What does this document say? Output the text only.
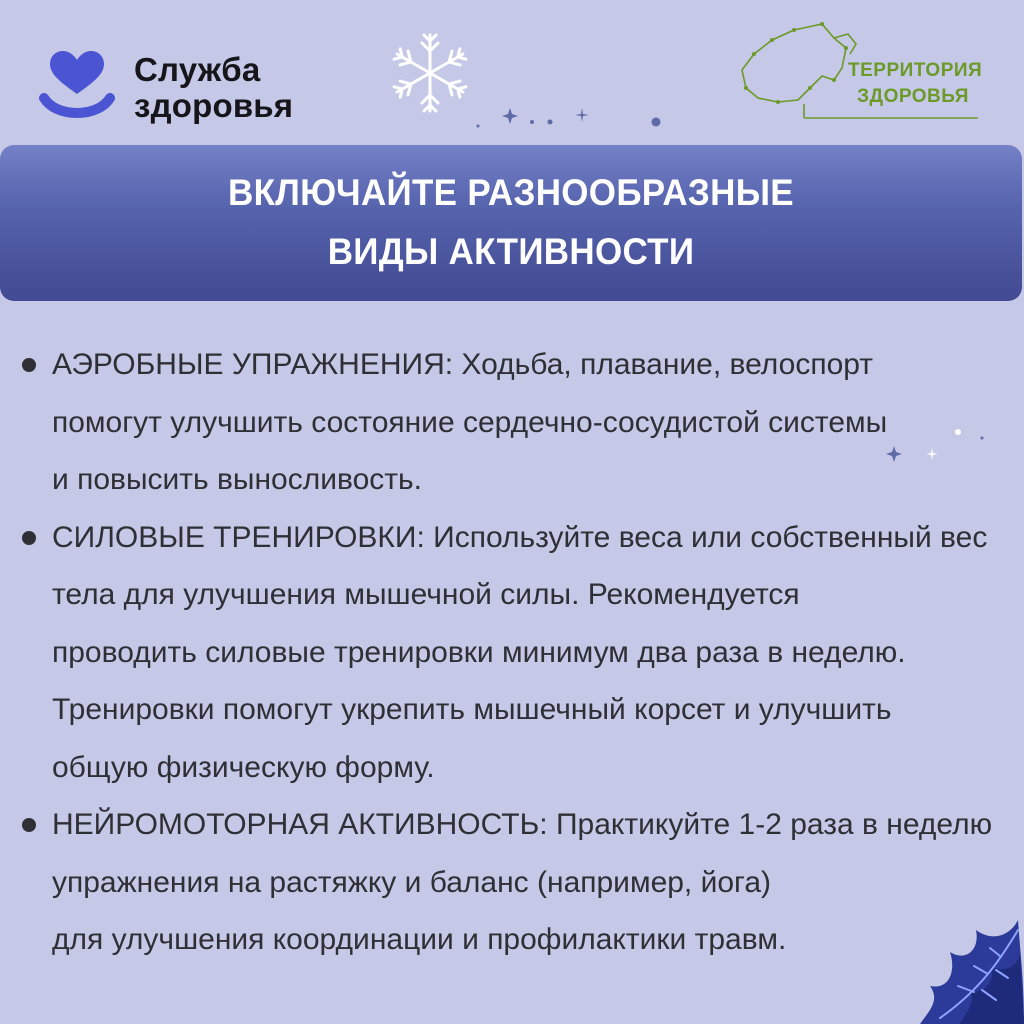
Служба
здоровья
ТЕРРИТОРИЯ
ЗДОРОВЬЯ
ВКЛЮЧАЙТЕ РАЗНООБРАЗНЫЕ ВИДЫ АКТИВНОСТИ
АЭРОБНЫЕ УПРАЖНЕНИЯ: Ходьба, плавание, велоспорт
помогут улучшить состояние сердечно-сосудистой системы
и повысить выносливость.
СИЛОВЫЕ ТРЕНИРОВКИ: Используйте веса или собственный вес
тела для улучшения мышечной силы. Рекомендуется
проводить силовые тренировки минимум два раза в неделю.
Тренировки помогут укрепить мышечный корсет и улучшить
общую физическую форму.
НЕЙРОМОТОРНАЯ АКТИВНОСТЬ: Практикуйте 1-2 раза в неделю
упражнения на растяжку и баланс (например, йога)
для улучшения координации и профилактики травм.
